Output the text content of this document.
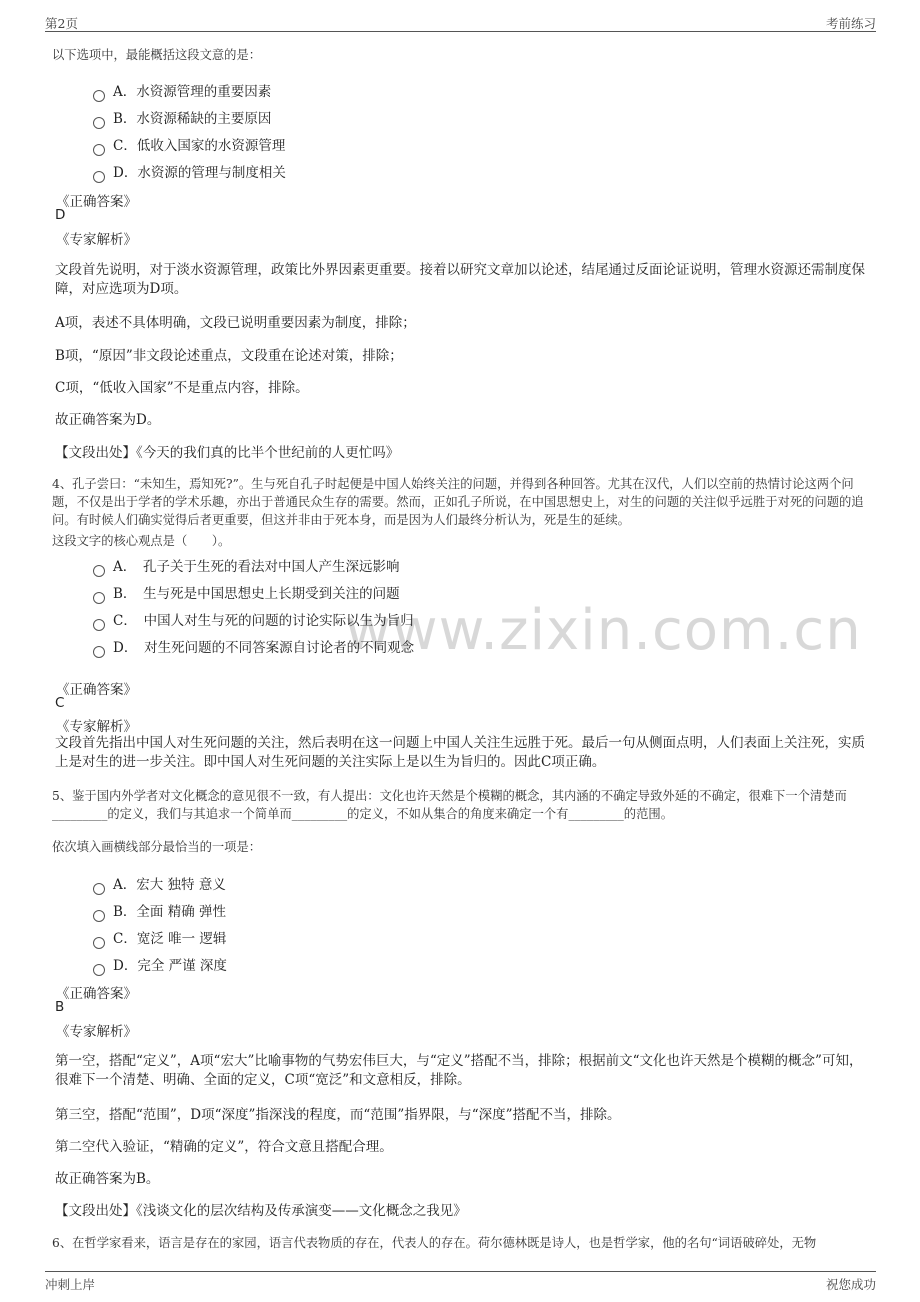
第2页	考前练习
www.zixin.com.cn
以下选项中，最能概括这段文意的是：
A．水资源管理的重要因素
B．水资源稀缺的主要原因
C．低收入国家的水资源管理
D．水资源的管理与制度相关
《正确答案》
D
《专家解析》
文段首先说明，对于淡水资源管理，政策比外界因素更重要。接着以研究文章加以论述，结尾通过反面论证说明，管理水资源还需制度保障，对应选项为D项。
A项，表述不具体明确，文段已说明重要因素为制度，排除；
B项，“原因”非文段论述重点，文段重在论述对策，排除；
C项，“低收入国家”不是重点内容，排除。
故正确答案为D。
【文段出处】《今天的我们真的比半个世纪前的人更忙吗》
4、孔子尝曰：“未知生，焉知死?”。生与死自孔子时起便是中国人始终关注的问题，并得到各种回答。尤其在汉代，人们以空前的热情讨论这两个问题，不仅是出于学者的学术乐趣，亦出于普通民众生存的需要。然而，正如孔子所说，在中国思想史上，对生的问题的关注似乎远胜于对死的问题的追问。有时候人们确实觉得后者更重要，但这并非由于死本身，而是因为人们最终分析认为，死是生的延续。
这段文字的核心观点是（　　）。
A．　孔子关于生死的看法对中国人产生深远影响
B．　生与死是中国思想史上长期受到关注的问题
C．　中国人对生与死的问题的讨论实际以生为旨归
D．　对生死问题的不同答案源自讨论者的不同观念
《正确答案》
C
《专家解析》
文段首先指出中国人对生死问题的关注，然后表明在这一问题上中国人关注生远胜于死。最后一句从侧面点明，人们表面上关注死，实质上是对生的进一步关注。即中国人对生死问题的关注实际上是以生为旨归的。因此C项正确。
5、鉴于国内外学者对文化概念的意见很不一致，有人提出：文化也许天然是个模糊的概念，其内涵的不确定导致外延的不确定，很难下一个清楚而_________的定义，我们与其追求一个简单而_________的定义，不如从集合的角度来确定一个有_________的范围。
依次填入画横线部分最恰当的一项是：
A．宏大 独特 意义
B．全面 精确 弹性
C．宽泛 唯一 逻辑
D．完全 严谨 深度
《正确答案》
B
《专家解析》
第一空，搭配“定义”，A项“宏大”比喻事物的气势宏伟巨大，与“定义”搭配不当，排除；根据前文“文化也许天然是个模糊的概念”可知，很难下一个清楚、明确、全面的定义，C项“宽泛”和文意相反，排除。
第三空，搭配“范围”，D项“深度”指深浅的程度，而“范围”指界限，与“深度”搭配不当，排除。
第二空代入验证，“精确的定义”，符合文意且搭配合理。
故正确答案为B。
【文段出处】《浅谈文化的层次结构及传承演变——文化概念之我见》
6、在哲学家看来，语言是存在的家园，语言代表物质的存在，代表人的存在。荷尔德林既是诗人，也是哲学家，他的名句“词语破碎处，无物
冲刺上岸	祝您成功
